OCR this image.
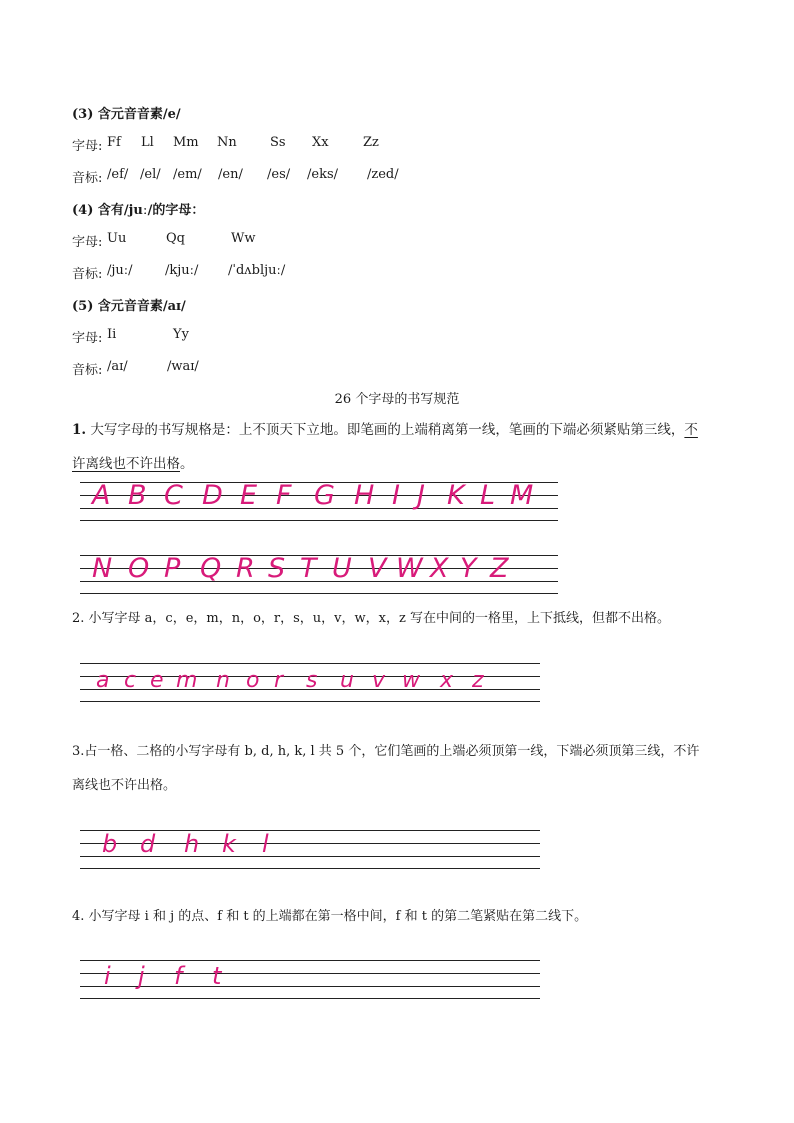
(3) 含元音音素/e/
字母: Ff Ll Mm Nn	Ss Xx	Zz
音标: /ef/ /el/ /em/ /en/ /es/ /eks/ /zed/
(4) 含有/juː/的字母：
字母: Uu	Qq	Ww
音标: /juː/ /kjuː/ /ˈdʌbljuː/
(5) 含元音音素/aɪ/
字母: Ii	Yy
音标: /aɪ/	/waɪ/
26 个字母的书写规范
1. 大写字母的书写规格是：上不顶天下立地。即笔画的上端稍离第一线，笔画的下端必须紧贴第三线，不
许离线也不许出格。
A B C D E F G H I J K L M
N O P Q R S T U V W X Y Z
2. 小写字母 a，c，e，m，n，o，r，s，u，v，w，x，z 写在中间的一格里，上下抵线，但都不出格。
a c e m n o r s u v w x z
3.占一格、二格的小写字母有 b, d, h, k, l 共 5 个，它们笔画的上端必须顶第一线，下端必须顶第三线，不许
离线也不许出格。
b d h k l
4. 小写字母 i 和 j 的点、f 和 t 的上端都在第一格中间，f 和 t 的第二笔紧贴在第二线下。
i j f t
